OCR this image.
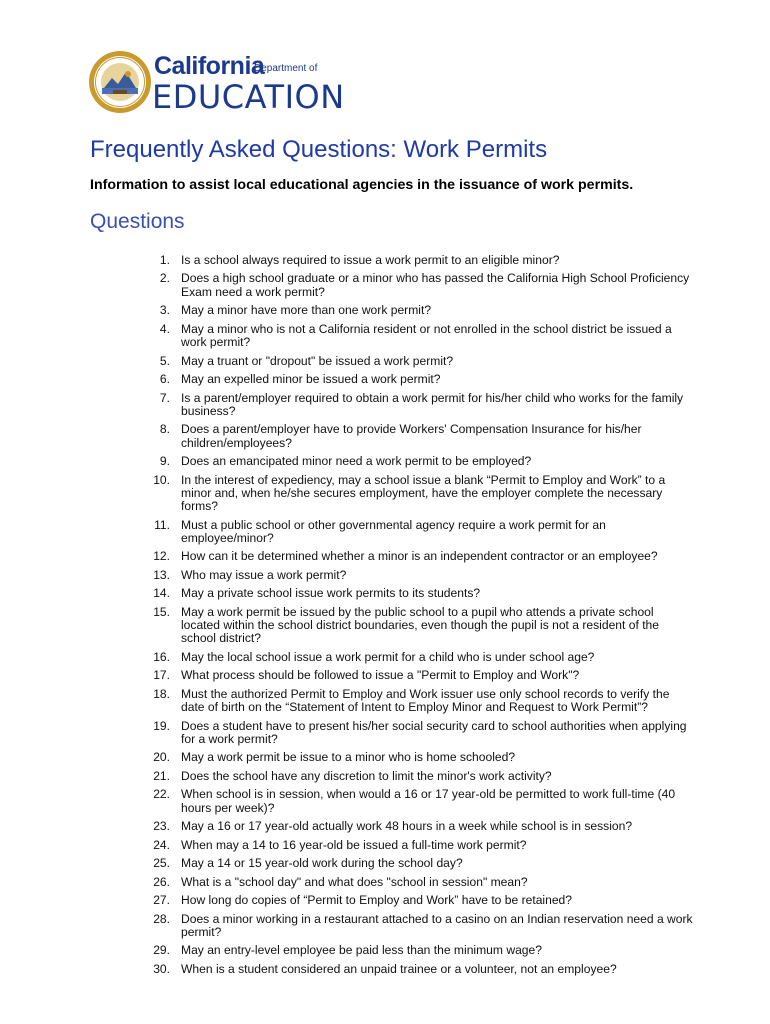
California
Department of
EDUCATION
Frequently Asked Questions: Work Permits

Information to assist local educational agencies in the issuance of work permits.

Questions
1. Is a school always required to issue a work permit to an eligible minor?
2. Does a high school graduate or a minor who has passed the California High School Proficiency Exam need a work permit?
3. May a minor have more than one work permit?
4. May a minor who is not a California resident or not enrolled in the school district be issued a work permit?
5. May a truant or "dropout" be issued a work permit?
6. May an expelled minor be issued a work permit?
7. Is a parent/employer required to obtain a work permit for his/her child who works for the family business?
8. Does a parent/employer have to provide Workers' Compensation Insurance for his/her children/employees?
9. Does an emancipated minor need a work permit to be employed?
10. In the interest of expediency, may a school issue a blank “Permit to Employ and Work” to a minor and, when he/she secures employment, have the employer complete the necessary forms?
11. Must a public school or other governmental agency require a work permit for an employee/minor?
12. How can it be determined whether a minor is an independent contractor or an employee?
13. Who may issue a work permit?
14. May a private school issue work permits to its students?
15. May a work permit be issued by the public school to a pupil who attends a private school located within the school district boundaries, even though the pupil is not a resident of the school district?
16. May the local school issue a work permit for a child who is under school age?
17. What process should be followed to issue a "Permit to Employ and Work"?
18. Must the authorized Permit to Employ and Work issuer use only school records to verify the date of birth on the “Statement of Intent to Employ Minor and Request to Work Permit”?
19. Does a student have to present his/her social security card to school authorities when applying for a work permit?
20. May a work permit be issue to a minor who is home schooled?
21. Does the school have any discretion to limit the minor's work activity?
22. When school is in session, when would a 16 or 17 year-old be permitted to work full-time (40 hours per week)?
23. May a 16 or 17 year-old actually work 48 hours in a week while school is in session?
24. When may a 14 to 16 year-old be issued a full-time work permit?
25. May a 14 or 15 year-old work during the school day?
26. What is a "school day" and what does "school in session" mean?
27. How long do copies of “Permit to Employ and Work” have to be retained?
28. Does a minor working in a restaurant attached to a casino on an Indian reservation need a work permit?
29. May an entry-level employee be paid less than the minimum wage?
30. When is a student considered an unpaid trainee or a volunteer, not an employee?
